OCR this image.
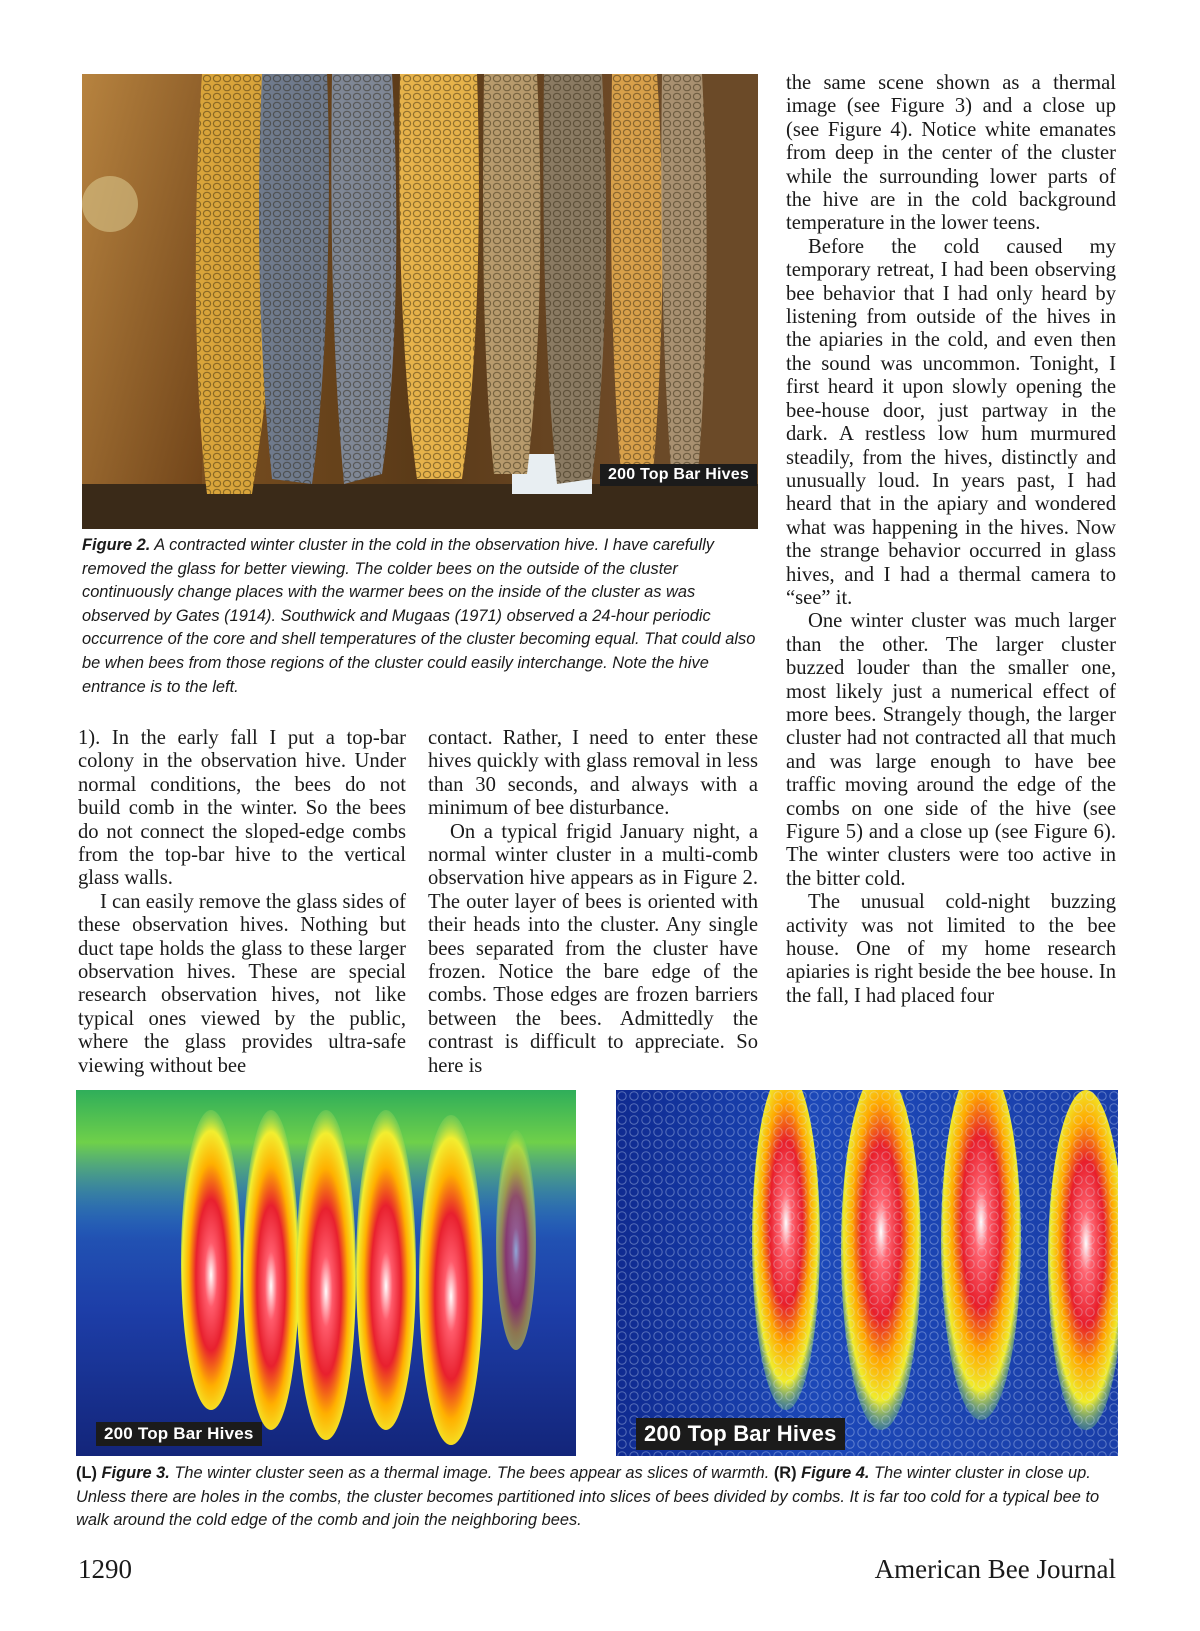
200 Top Bar Hives
Figure 2. A contracted winter cluster in the cold in the observation hive. I have carefully removed the glass for better viewing. The colder bees on the outside of the cluster continuously change places with the warmer bees on the inside of the cluster as was observed by Gates (1914). Southwick and Mugaas (1971) observed a 24-hour periodic occurrence of the core and shell temperatures of the cluster becoming equal. That could also be when bees from those regions of the cluster could easily interchange. Note the hive entrance is to the left.

1). In the early fall I put a top-bar colony in the observation hive. Under normal conditions, the bees do not build comb in the winter. So the bees do not connect the sloped-edge combs from the top-bar hive to the vertical glass walls.

I can easily remove the glass sides of these observation hives. Nothing but duct tape holds the glass to these larger observation hives. These are special research observation hives, not like typical ones viewed by the public, where the glass provides ultra-safe viewing without bee

contact. Rather, I need to enter these hives quickly with glass removal in less than 30 seconds, and always with a minimum of bee disturbance.

On a typical frigid January night, a normal winter cluster in a multi-comb observation hive appears as in Figure 2. The outer layer of bees is oriented with their heads into the cluster. Any single bees separated from the cluster have frozen. Notice the bare edge of the combs. Those edges are frozen barriers between the bees. Admittedly the contrast is difficult to appreciate. So here is

the same scene shown as a thermal image (see Figure 3) and a close up (see Figure 4). Notice white emanates from deep in the center of the cluster while the surrounding lower parts of the hive are in the cold background temperature in the lower teens.

Before the cold caused my temporary retreat, I had been observing bee behavior that I had only heard by listening from outside of the hives in the apiaries in the cold, and even then the sound was uncommon. Tonight, I first heard it upon slowly opening the bee-house door, just partway in the dark. A restless low hum murmured steadily, from the hives, distinctly and unusually loud. In years past, I had heard that in the apiary and wondered what was happening in the hives. Now the strange behavior occurred in glass hives, and I had a thermal camera to “see” it.

One winter cluster was much larger than the other. The larger cluster buzzed louder than the smaller one, most likely just a numerical effect of more bees. Strangely though, the larger cluster had not contracted all that much and was large enough to have bee traffic moving around the edge of the combs on one side of the hive (see Figure 5) and a close up (see Figure 6). The winter clusters were too active in the bitter cold.

The unusual cold-night buzzing activity was not limited to the bee house. One of my home research apiaries is right beside the bee house. In the fall, I had placed four

200 Top Bar Hives	200 Top Bar Hives
(L) Figure 3. The winter cluster seen as a thermal image. The bees appear as slices of warmth. (R) Figure 4. The winter cluster in close up. Unless there are holes in the combs, the cluster becomes partitioned into slices of bees divided by combs. It is far too cold for a typical bee to walk around the cold edge of the comb and join the neighboring bees.
1290	American Bee Journal
